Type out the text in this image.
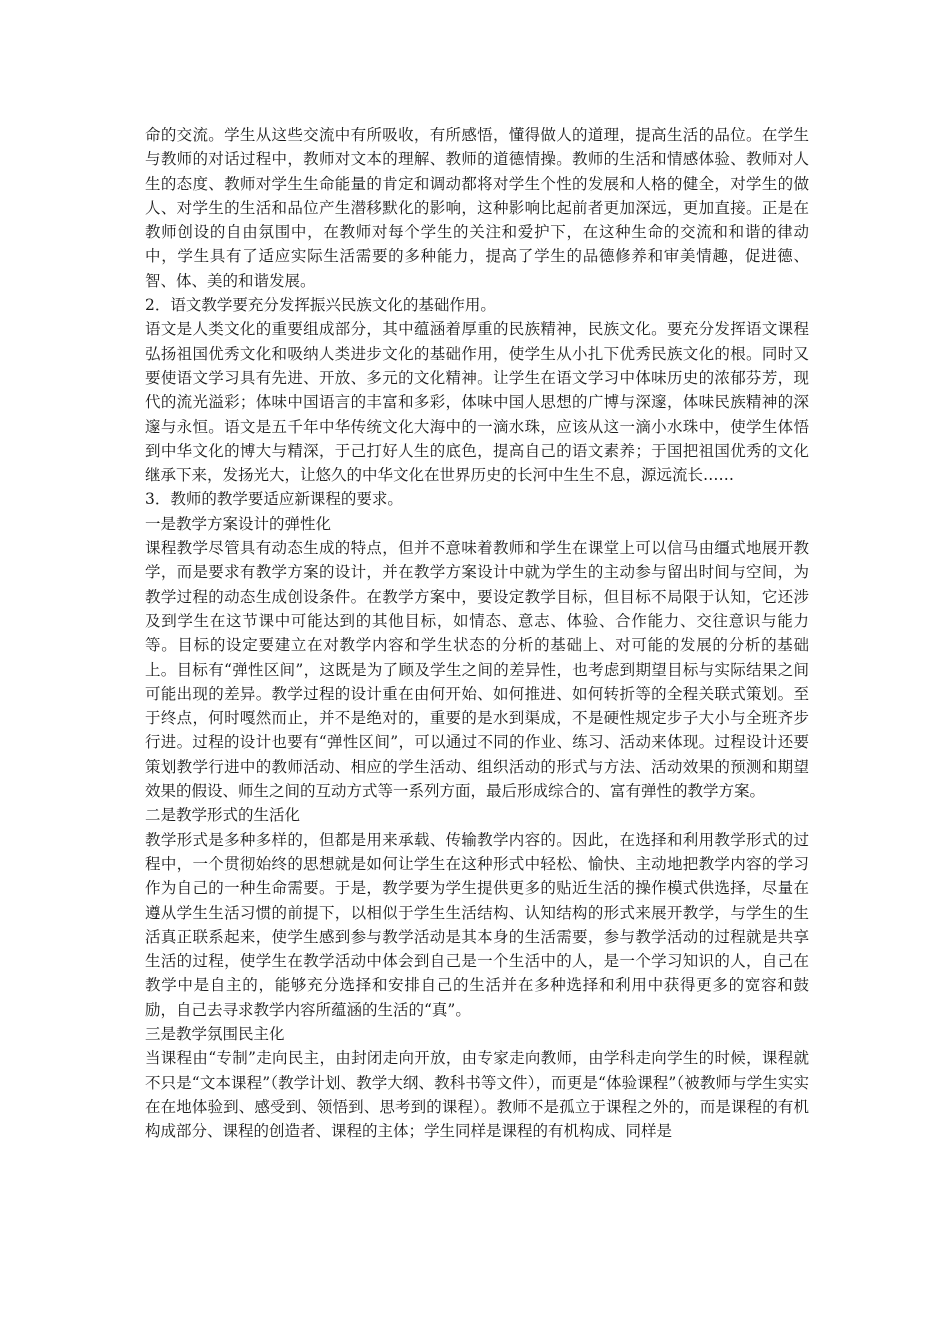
命的交流。学生从这些交流中有所吸收，有所感悟，懂得做人的道理，提高生活的品位。在学生与教师的对话过程中，教师对文本的理解、教师的道德情操。教师的生活和情感体验、教师对人生的态度、教师对学生生命能量的肯定和调动都将对学生个性的发展和人格的健全，对学生的做人、对学生的生活和品位产生潜移默化的影响，这种影响比起前者更加深远，更加直接。正是在教师创设的自由氛围中，在教师对每个学生的关注和爱护下，在这种生命的交流和和谐的律动中，学生具有了适应实际生活需要的多种能力，提高了学生的品德修养和审美情趣，促进德、智、体、美的和谐发展。

2．语文教学要充分发挥振兴民族文化的基础作用。

语文是人类文化的重要组成部分，其中蕴涵着厚重的民族精神，民族文化。要充分发挥语文课程弘扬祖国优秀文化和吸纳人类进步文化的基础作用，使学生从小扎下优秀民族文化的根。同时又要使语文学习具有先进、开放、多元的文化精神。让学生在语文学习中体味历史的浓郁芬芳，现代的流光溢彩；体味中国语言的丰富和多彩，体味中国人思想的广博与深邃，体味民族精神的深邃与永恒。语文是五千年中华传统文化大海中的一滴水珠，应该从这一滴小水珠中，使学生体悟到中华文化的博大与精深，于己打好人生的底色，提高自己的语文素养；于国把祖国优秀的文化继承下来，发扬光大，让悠久的中华文化在世界历史的长河中生生不息，源远流长……

3．教师的教学要适应新课程的要求。

一是教学方案设计的弹性化

课程教学尽管具有动态生成的特点，但并不意味着教师和学生在课堂上可以信马由缰式地展开教学，而是要求有教学方案的设计，并在教学方案设计中就为学生的主动参与留出时间与空间，为教学过程的动态生成创设条件。在教学方案中，要设定教学目标，但目标不局限于认知，它还涉及到学生在这节课中可能达到的其他目标，如情态、意志、体验、合作能力、交往意识与能力等。目标的设定要建立在对教学内容和学生状态的分析的基础上、对可能的发展的分析的基础上。目标有“弹性区间”，这既是为了顾及学生之间的差异性，也考虑到期望目标与实际结果之间可能出现的差异。教学过程的设计重在由何开始、如何推进、如何转折等的全程关联式策划。至于终点，何时嘎然而止，并不是绝对的，重要的是水到渠成，不是硬性规定步子大小与全班齐步行进。过程的设计也要有“弹性区间”，可以通过不同的作业、练习、活动来体现。过程设计还要策划教学行进中的教师活动、相应的学生活动、组织活动的形式与方法、活动效果的预测和期望效果的假设、师生之间的互动方式等一系列方面，最后形成综合的、富有弹性的教学方案。

二是教学形式的生活化

教学形式是多种多样的，但都是用来承载、传输教学内容的。因此，在选择和利用教学形式的过程中，一个贯彻始终的思想就是如何让学生在这种形式中轻松、愉快、主动地把教学内容的学习作为自己的一种生命需要。于是，教学要为学生提供更多的贴近生活的操作模式供选择，尽量在遵从学生生活习惯的前提下，以相似于学生生活结构、认知结构的形式来展开教学，与学生的生活真正联系起来，使学生感到参与教学活动是其本身的生活需要，参与教学活动的过程就是共享生活的过程，使学生在教学活动中体会到自己是一个生活中的人，是一个学习知识的人，自己在教学中是自主的，能够充分选择和安排自己的生活并在多种选择和利用中获得更多的宽容和鼓励，自己去寻求教学内容所蕴涵的生活的“真”。

三是教学氛围民主化

当课程由“专制”走向民主，由封闭走向开放，由专家走向教师，由学科走向学生的时候，课程就不只是“文本课程”（教学计划、教学大纲、教科书等文件），而更是“体验课程”（被教师与学生实实在在地体验到、感受到、领悟到、思考到的课程）。教师不是孤立于课程之外的，而是课程的有机构成部分、课程的创造者、课程的主体；学生同样是课程的有机构成、同样是
